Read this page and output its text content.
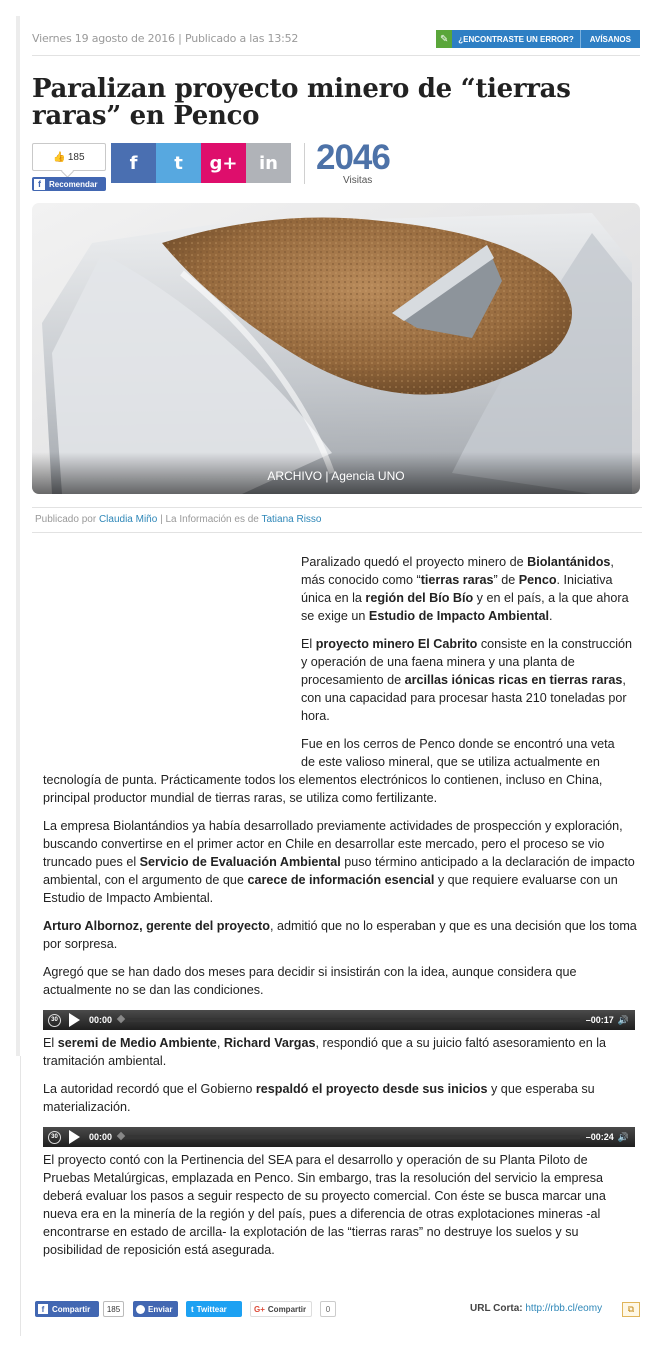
Viernes 19 agosto de 2016 | Publicado a las 13:52	✎	¿ENCONTRASTE UN ERROR?	AVÍSANOS
Paralizan proyecto minero de “tierras raras” en Penco
👍 185
f	Recomendar
f t g+ in 2046
Visitas
ARCHIVO | Agencia UNO
Publicado por Claudia Miño | La Información es de Tatiana Risso

Paralizado quedó el proyecto minero de Biolantánidos, más conocido como “tierras raras” de Penco. Iniciativa única en la región del Bío Bío y en el país, a la que ahora se exige un Estudio de Impacto Ambiental.

El proyecto minero El Cabrito consiste en la construcción y operación de una faena minera y una planta de procesamiento de arcillas iónicas ricas en tierras raras, con una capacidad para procesar hasta 210 toneladas por hora.

Fue en los cerros de Penco donde se encontró una veta

de este valioso mineral, que se utiliza actualmente en

tecnología de punta. Prácticamente todos los elementos electrónicos lo contienen, incluso en China, principal productor mundial de tierras raras, se utiliza como fertilizante.

La empresa Biolantándios ya había desarrollado previamente actividades de prospección y exploración, buscando convertirse en el primer actor en Chile en desarrollar este mercado, pero el proceso se vio truncado pues el Servicio de Evaluación Ambiental puso término anticipado a la declaración de impacto ambiental, con el argumento de que carece de información esencial y que requiere evaluarse con un Estudio de Impacto Ambiental.

Arturo Albornoz, gerente del proyecto, admitió que no lo esperaban y que es una decisión que los toma por sorpresa.

Agregó que se han dado dos meses para decidir si insistirán con la idea, aunque considera que actualmente no se dan las condiciones.

30	00:00	–00:17 🔊

El seremi de Medio Ambiente, Richard Vargas, respondió que a su juicio faltó asesoramiento en la tramitación ambiental.

La autoridad recordó que el Gobierno respaldó el proyecto desde sus inicios y que esperaba su materialización.

30	00:00	–00:24 🔊

El proyecto contó con la Pertinencia del SEA para el desarrollo y operación de su Planta Piloto de Pruebas Metalúrgicas, emplazada en Penco. Sin embargo, tras la resolución del servicio la empresa deberá evaluar los pasos a seguir respecto de su proyecto comercial. Con éste se busca marcar una nueva era en la minería de la región y del país, pues a diferencia de otras explotaciones mineras -al encontrarse en estado de arcilla- la explotación de las “tierras raras” no destruye los suelos y su posibilidad de reposición está asegurada.

f Compartir	185	Enviar t Twittear	G+ Compartir	0	URL Corta: http://rbb.cl/eomy	⧉
